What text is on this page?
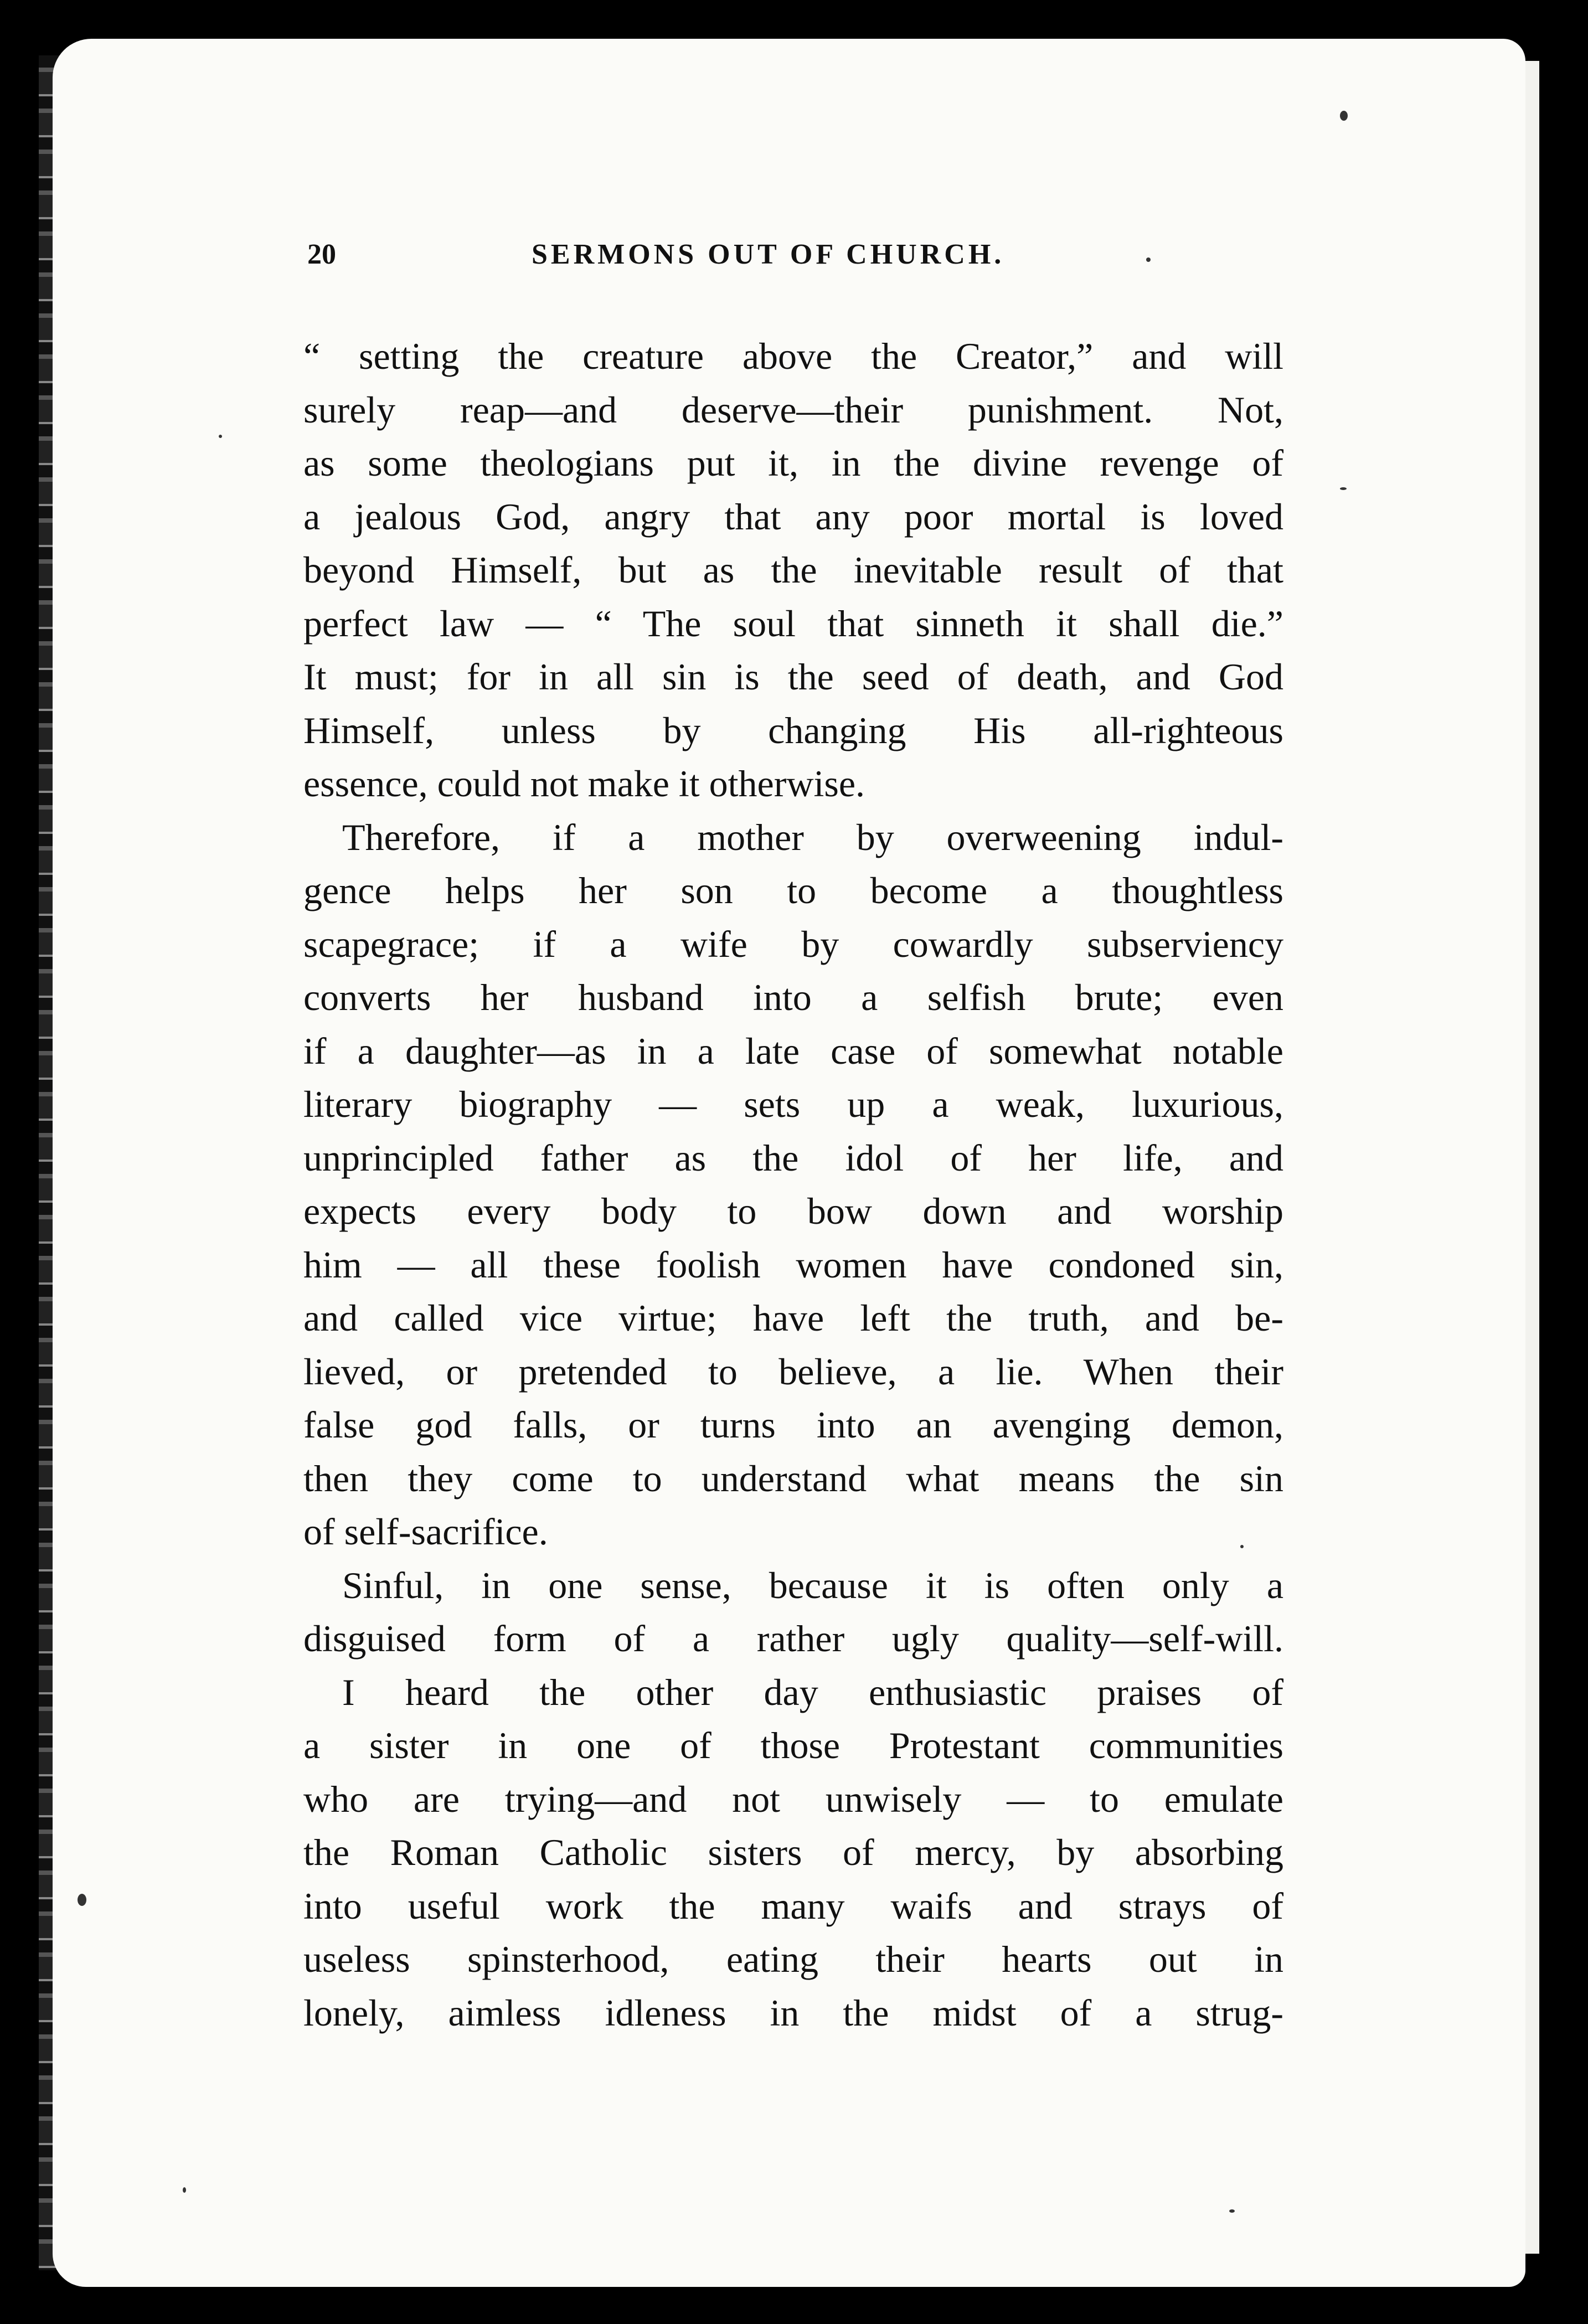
20	SERMONS OUT OF CHURCH.
“ setting the creature above the Creator,” and will
surely reap—and deserve—their punishment. Not,
as some theologians put it, in the divine revenge of
a jealous God, angry that any poor mortal is loved
beyond Himself, but as the inevitable result of that
perfect law — “ The soul that sinneth it shall die.”
It must; for in all sin is the seed of death, and God
Himself, unless by changing His all-righteous
essence, could not make it otherwise.
Therefore, if a mother by overweening indul-
gence helps her son to become a thoughtless
scapegrace; if a wife by cowardly subserviency
converts her husband into a selfish brute; even
if a daughter—as in a late case of somewhat notable
literary biography — sets up a weak, luxurious,
unprincipled father as the idol of her life, and
expects every body to bow down and worship
him — all these foolish women have condoned sin,
and called vice virtue; have left the truth, and be-
lieved, or pretended to believe, a lie. When their
false god falls, or turns into an avenging demon,
then they come to understand what means the sin
of self-sacrifice.
Sinful, in one sense, because it is often only a
disguised form of a rather ugly quality—self-will.
I heard the other day enthusiastic praises of
a sister in one of those Protestant communities
who are trying—and not unwisely — to emulate
the Roman Catholic sisters of mercy, by absorbing
into useful work the many waifs and strays of
useless spinsterhood, eating their hearts out in
lonely, aimless idleness in the midst of a strug-
